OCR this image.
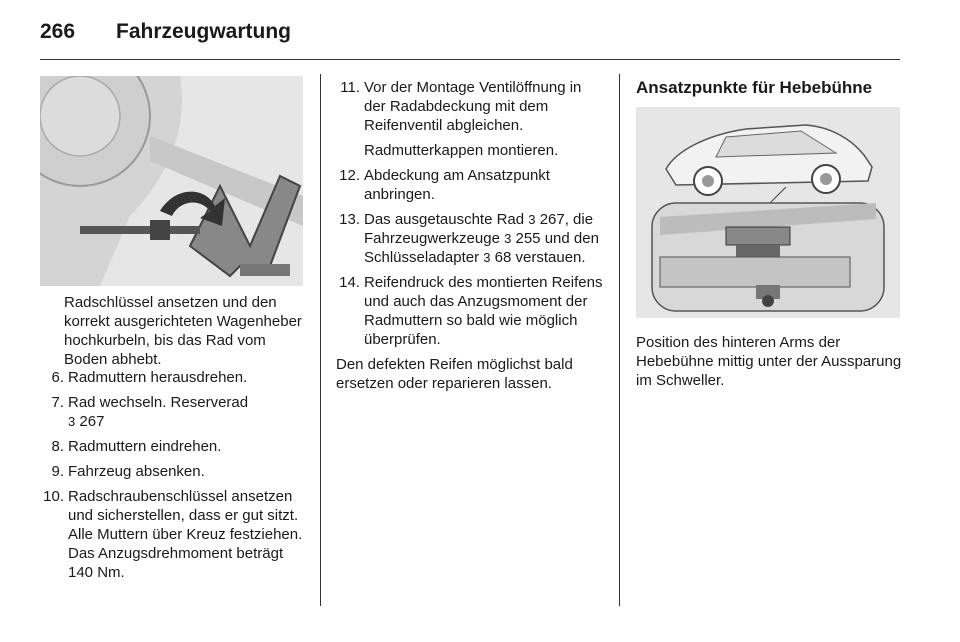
266 Fahrzeugwartung
Radschlüssel ansetzen und den korrekt ausgerichteten Wagenheber hochkurbeln, bis das Rad vom Boden abhebt.
6. Radmuttern herausdrehen.
7. Rad wechseln. Reserverad
3 267
8. Radmuttern eindrehen.
9. Fahrzeug absenken.
10. Radschraubenschlüssel ansetzen und sicherstellen, dass er gut sitzt. Alle Muttern über Kreuz festziehen. Das Anzugsdrehmoment beträgt 140 Nm.
11. Vor der Montage Ventilöffnung in der Radabdeckung mit dem Reifenventil abgleichen.
Radmutterkappen montieren.
12. Abdeckung am Ansatzpunkt anbringen.
13. Das ausgetauschte Rad 3 267, die Fahrzeugwerkzeuge 3 255 und den Schlüsseladapter 3 68 verstauen.
14. Reifendruck des montierten Reifens und auch das Anzugsmoment der Radmuttern so bald wie möglich überprüfen.
Den defekten Reifen möglichst bald ersetzen oder reparieren lassen.
Ansatzpunkte für Hebebühne
Position des hinteren Arms der Hebebühne mittig unter der Aussparung im Schweller.
